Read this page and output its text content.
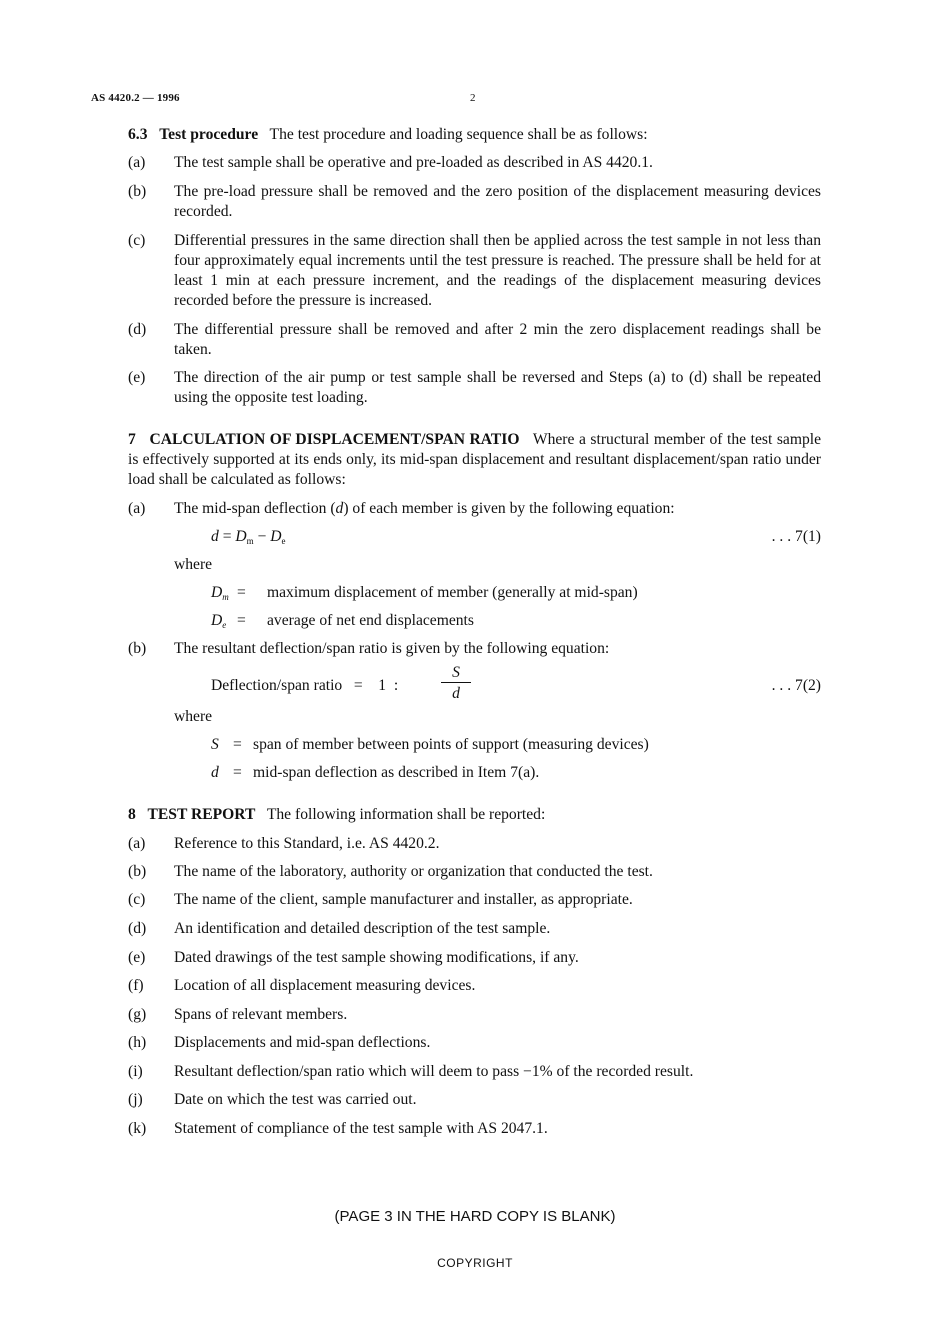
AS 4420.2 — 1996	2

6.3 Test procedure The test procedure and loading sequence shall be as follows:

(a) The test sample shall be operative and pre-loaded as described in AS 4420.1.
(b) The pre-load pressure shall be removed and the zero position of the displacement measuring devices recorded.
(c) Differential pressures in the same direction shall then be applied across the test sample in not less than four approximately equal increments until the test pressure is reached. The pressure shall be held for at least 1 min at each pressure increment, and the readings of the displacement measuring devices recorded before the pressure is increased.
(d) The differential pressure shall be removed and after 2 min the zero displacement readings shall be taken.
(e) The direction of the air pump or test sample shall be reversed and Steps (a) to (d) shall be repeated using the opposite test loading.

7 CALCULATION OF DISPLACEMENT/SPAN RATIO Where a structural member of the test sample is effectively supported at its ends only, its mid-span displacement and resultant displacement/span ratio under load shall be calculated as follows:

(a) The mid-span deflection (d) of each member is given by the following equation:
$d = D_m - D_e$	. . . 7(1)
where
$D_m$ = maximum displacement of member (generally at mid-span)
$D_e$ = average of net end displacements
(b) The resultant deflection/span ratio is given by the following equation:
Deflection/span ratio = 1 :	$\frac{S}{d}$	. . . 7(2)
where
S = span of member between points of support (measuring devices)
d = mid-span deflection as described in Item 7(a).

8 TEST REPORT The following information shall be reported:

(a) Reference to this Standard, i.e. AS 4420.2.
(b) The name of the laboratory, authority or organization that conducted the test.
(c) The name of the client, sample manufacturer and installer, as appropriate.
(d) An identification and detailed description of the test sample.
(e) Dated drawings of the test sample showing modifications, if any.
(f) Location of all displacement measuring devices.
(g) Spans of relevant members.
(h) Displacements and mid-span deflections.
(i) Resultant deflection/span ratio which will deem to pass −1% of the recorded result.
(j) Date on which the test was carried out.
(k) Statement of compliance of the test sample with AS 2047.1.
(PAGE 3 IN THE HARD COPY IS BLANK)
COPYRIGHT
